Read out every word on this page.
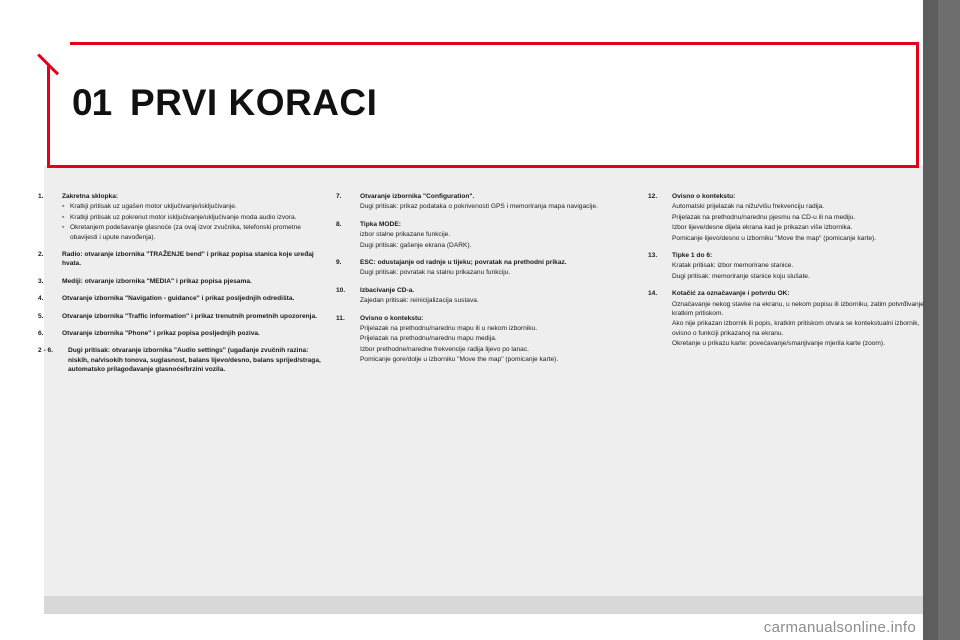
01 PRVI KORACI
1.	Zakretna sklopka:
▪ Kratkji pritisak uz ugašen motor uključivanje/isključivanje.
▪ Kratkji pritisak uz pokrenut motor isključivanje/uključivanje moda audio izvora.
▪ Okretanjem podešavanje glasnoće (za ovaj izvor zvučnika, telefonski prometne obavijesti i upute navođenja).
2.	Radio: otvaranje izbornika "TRAŽENJE bend" i prikaz popisa stanica koje uređaj hvata.
3.	Mediji: otvaranje izbornika "MEDIA" i prikaz popisa pjesama.
4.	Otvaranje izbornika "Navigation - guidance" i prikaz posljednjih odredišta.
5.	Otvaranje izbornika "Traffic information" i prikaz trenutnih prometnih upozorenja.
6.	Otvaranje izbornika "Phone" i prikaz popisa posljednjih poziva.
2 - 6.	Dugi pritisak: otvaranje izbornika "Audio settings" (ugađanje zvučnih razina: niskih, na/visokih tonova, suglasnost, balans lijevo/desno, balans sprijed/straga, automatsko prilagođavanje glasnoće/brzini vozila.
7.	Otvaranje izbornika "Configuration".
Dugi pritisak: prikaz podataka o pokrivenosti GPS i memoriranja mapa navigacije.
8.	Tipka MODE:
izbor stalne prikazane funkcije.
Dugi pritisak: gašenje ekrana (DARK).
9.	ESC: odustajanje od radnje u tijeku; povratak na prethodni prikaz.
Dugi pritisak: povratak na stalnu prikazanu funkciju.
10.	Izbacivanje CD-a.
Zajedan pritisak: reinicijalizacija sustava.
11.	Ovisno o kontekstu:
Prijelazak na prethodnu/narednu mapu ili u nekom izborniku.
Prijelazak na prethodnu/narednu mapu medija.
Izbor prethodne/naredne frekvencije radija lijevo po lanac.
Pomicanje gore/dolje u izborniku "Move the map" (pomicanje karte).
12.	Ovisno o kontekstu:
Automatski prijelazak na nižu/višu frekvenciju radija.
Prijelazak na prethodnu/narednu pjesmu na CD-u ili na mediju.
Izbor lijeve/desne dijela ekrana kad je prikazan više izbornika.
Pomicanje lijevo/desno u izborniku "Move the map" (pomicanje karte).
13.	Tipke 1 do 6:
Kratak pritisak: izbor memorirane stanice.
Dugi pritisak: memoriranje stanice koju slušate.
14.	Kotačić za označavanje i potvrdu OK:
Označavanje nekog stavke na ekranu, u nekom popisu ili izborniku, zatim potvrđivanje kratkim pritiskom.
Ako nije prikazan izbornik ili popis, kratkim pritiskom otvara se kontekstualni izbornik, ovisno o funkciji prikazanoj na ekranu.
Okretanje u prikazu karte: povećavanje/smanjivanje mjerila karte (zoom).
carmanualsonline.info
